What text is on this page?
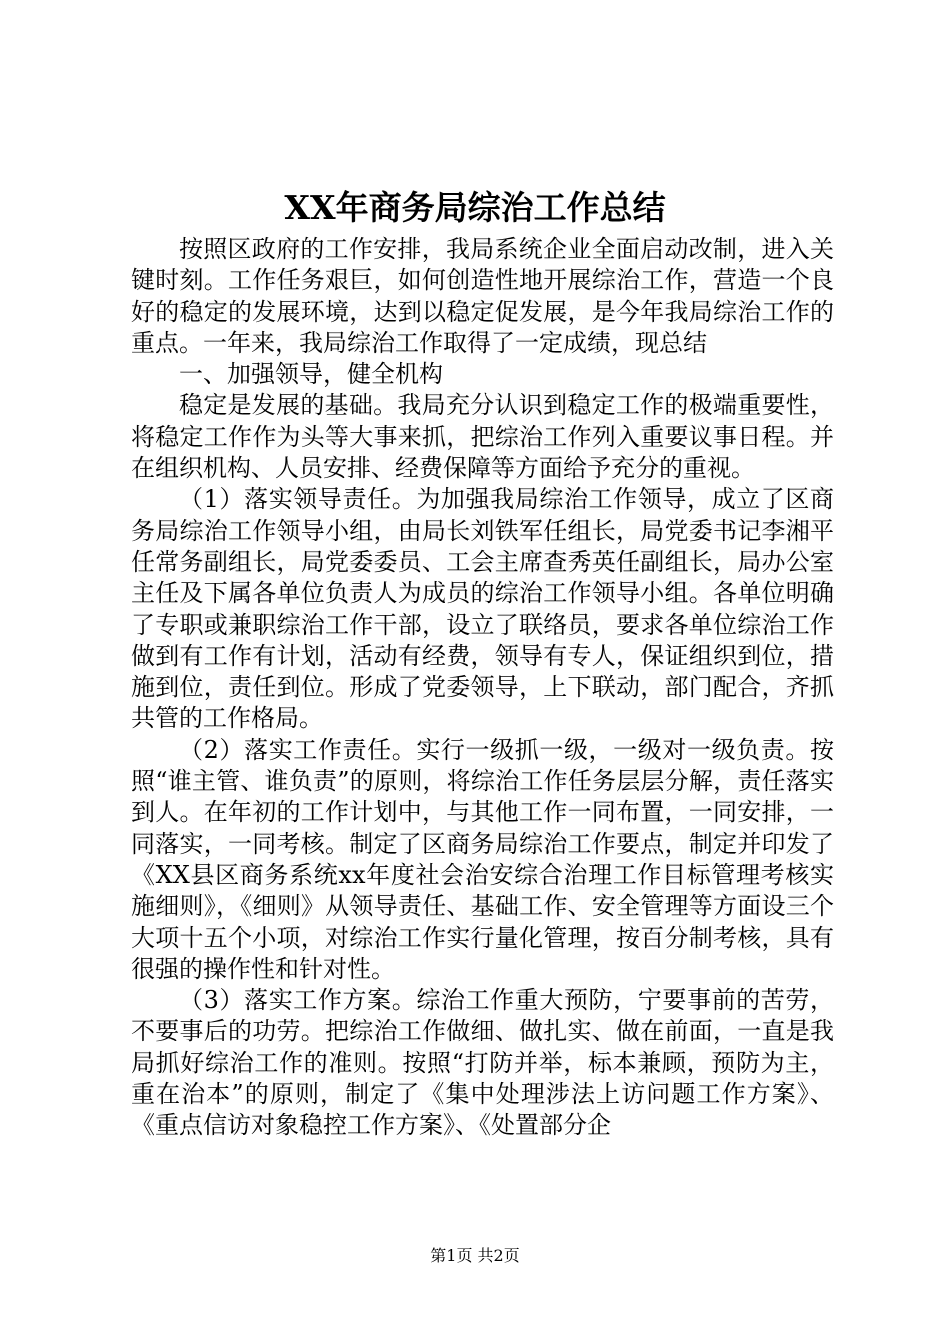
XX年商务局综治工作总结

按照区政府的工作安排，我局系统企业全面启动改制，进入关键时刻。工作任务艰巨，如何创造性地开展综治工作，营造一个良好的稳定的发展环境，达到以稳定促发展，是今年我局综治工作的重点。一年来，我局综治工作取得了一定成绩，现总结

一、加强领导，健全机构

稳定是发展的基础。我局充分认识到稳定工作的极端重要性，将稳定工作作为头等大事来抓，把综治工作列入重要议事日程。并在组织机构、人员安排、经费保障等方面给予充分的重视。

（1）落实领导责任。为加强我局综治工作领导，成立了区商务局综治工作领导小组，由局长刘铁军任组长，局党委书记李湘平任常务副组长，局党委委员、工会主席查秀英任副组长，局办公室主任及下属各单位负责人为成员的综治工作领导小组。各单位明确了专职或兼职综治工作干部，设立了联络员，要求各单位综治工作做到有工作有计划，活动有经费，领导有专人，保证组织到位，措施到位，责任到位。形成了党委领导，上下联动，部门配合，齐抓共管的工作格局。

（2）落实工作责任。实行一级抓一级，一级对一级负责。按照“谁主管、谁负责”的原则，将综治工作任务层层分解，责任落实到人。在年初的工作计划中，与其他工作一同布置，一同安排，一同落实，一同考核。制定了区商务局综治工作要点，制定并印发了《XX县区商务系统xx年度社会治安综合治理工作目标管理考核实施细则》，《细则》从领导责任、基础工作、安全管理等方面设三个大项十五个小项，对综治工作实行量化管理，按百分制考核，具有很强的操作性和针对性。

（3）落实工作方案。综治工作重大预防，宁要事前的苦劳，不要事后的功劳。把综治工作做细、做扎实、做在前面，一直是我局抓好综治工作的准则。按照“打防并举，标本兼顾，预防为主，重在治本”的原则，制定了《集中处理涉法上访问题工作方案》、《重点信访对象稳控工作方案》、《处置部分企

第1页 共2页
